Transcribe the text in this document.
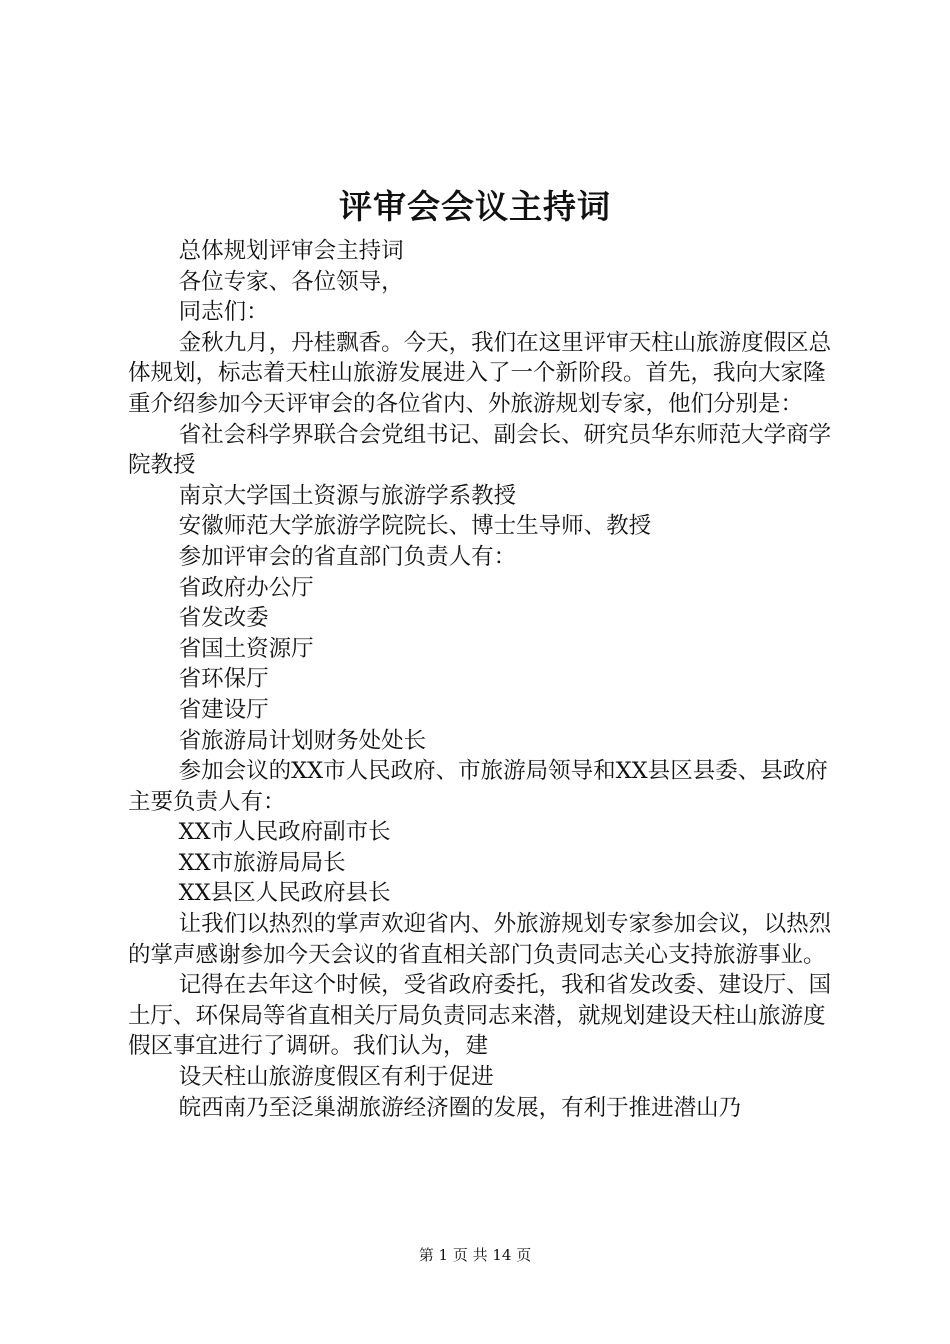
评审会会议主持词

总体规划评审会主持词

各位专家、各位领导，

同志们：

金秋九月，丹桂飘香。今天，我们在这里评审天柱山旅游度假区总体规划，标志着天柱山旅游发展进入了一个新阶段。首先，我向大家隆重介绍参加今天评审会的各位省内、外旅游规划专家，他们分别是：

省社会科学界联合会党组书记、副会长、研究员华东师范大学商学院教授

南京大学国土资源与旅游学系教授

安徽师范大学旅游学院院长、博士生导师、教授

参加评审会的省直部门负责人有：

省政府办公厅

省发改委

省国土资源厅

省环保厅

省建设厅

省旅游局计划财务处处长

参加会议的XX市人民政府、市旅游局领导和XX县区县委、县政府主要负责人有：

XX市人民政府副市长

XX市旅游局局长

XX县区人民政府县长

让我们以热烈的掌声欢迎省内、外旅游规划专家参加会议，以热烈的掌声感谢参加今天会议的省直相关部门负责同志关心支持旅游事业。

记得在去年这个时候，受省政府委托，我和省发改委、建设厅、国土厅、环保局等省直相关厅局负责同志来潜，就规划建设天柱山旅游度假区事宜进行了调研。我们认为，建

设天柱山旅游度假区有利于促进

皖西南乃至泛巢湖旅游经济圈的发展，有利于推进潜山乃

第 1 页 共 14 页
